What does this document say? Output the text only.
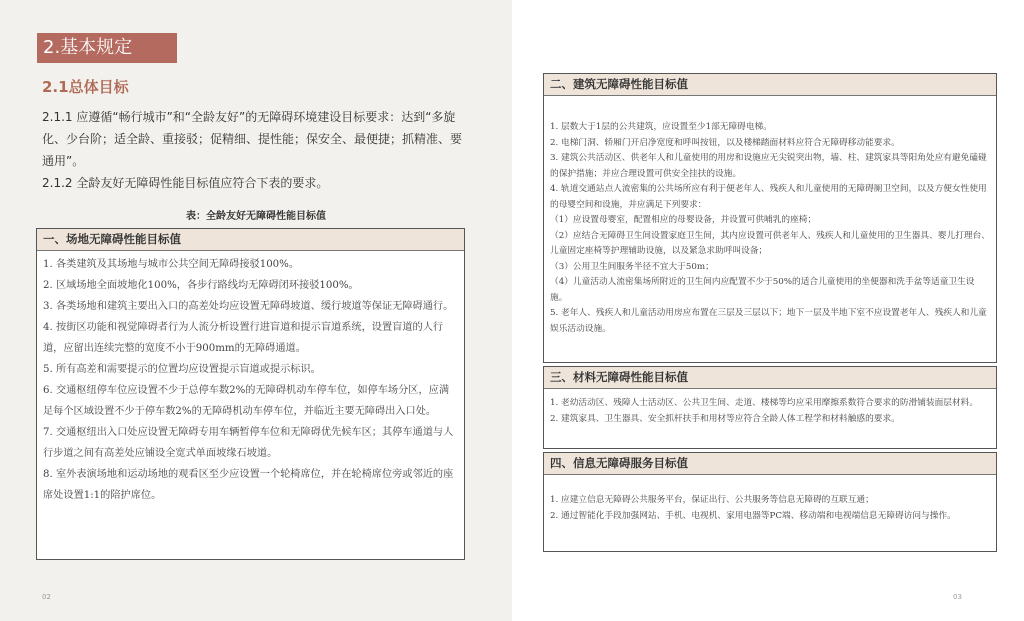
2.基本规定
2.1总体目标

2.1.1 应遵循“畅行城市”和“全龄友好”的无障碍环境建设目标要求：达到“多旋化、少台阶；适全龄、重接驳；促精细、提性能；保安全、最便捷；抓精准、要通用”。

2.1.2 全龄友好无障碍性能目标值应符合下表的要求。

表：全龄友好无障碍性能目标值
一、场地无障碍性能目标值

1. 各类建筑及其场地与城市公共空间无障碍接驳100%。

2. 区域场地全面坡地化100%，各步行路线均无障碍闭环接驳100%。

3. 各类场地和建筑主要出入口的高差处均应设置无障碍坡道、缓行坡道等保证无障碍通行。

4. 按街区功能和视觉障碍者行为人流分析设置行进盲道和提示盲道系统，设置盲道的人行道，应留出连续完整的宽度不小于900mm的无障碍通道。

5. 所有高差和需要提示的位置均应设置提示盲道或提示标识。

6. 交通枢纽停车位应设置不少于总停车数2%的无障碍机动车停车位，如停车场分区，应满足每个区域设置不少于停车数2%的无障碍机动车停车位，并临近主要无障碍出入口处。

7. 交通枢纽出入口处应设置无障碍专用车辆暂停车位和无障碍优先候车区；其停车通道与人行步道之间有高差处应铺设全宽式单面坡缘石坡道。

8. 室外表演场地和运动场地的观看区至少应设置一个轮椅席位，并在轮椅席位旁或邻近的座席处设置1:1的陪护席位。

02
二、建筑无障碍性能目标值

1. 层数大于1层的公共建筑，应设置至少1部无障碍电梯。

2. 电梯门洞、轿厢门开启净宽度和呼叫按钮，以及楼梯踏面材料应符合无障碍移动能要求。

3. 建筑公共活动区、供老年人和儿童使用的用房和设施应无尖锐突出物，墙、柱、建筑家具等阳角处应有避免磕碰的保护措施；并应合理设置可供安全挂扶的设施。

4. 轨道交通站点人流密集的公共场所应有利于便老年人、残疾人和儿童使用的无障碍厕卫空间，以及方便女性使用的母婴空间和设施，并应满足下列要求：

（1）应设置母婴室，配置相应的母婴设备，并设置可供哺乳的座椅；

（2）应结合无障碍卫生间设置家庭卫生间，其内应设置可供老年人、残疾人和儿童使用的卫生器具、婴儿打理台、儿童固定座椅等护理辅助设施，以及紧急求助呼叫设备；

（3）公用卫生间服务半径不宜大于50m；

（4）儿童活动人流密集场所附近的卫生间内应配置不少于50%的适合儿童使用的坐便器和洗手盆等适童卫生设施。

5. 老年人、残疾人和儿童活动用房应布置在三层及三层以下；地下一层及半地下室不应设置老年人、残疾人和儿童娱乐活动设施。

三、材料无障碍性能目标值

1. 老幼活动区、残障人士活动区、公共卫生间、走道、楼梯等均应采用摩擦系数符合要求的防滑铺装面层材料。

2. 建筑家具、卫生器具、安全抓杆扶手和用材等应符合全龄人体工程学和材料触感的要求。

四、信息无障碍服务目标值

1. 应建立信息无障碍公共服务平台，保证出行、公共服务等信息无障碍的互联互通；

2. 通过智能化手段加强网站、手机、电视机、家用电器等PC端、移动端和电视端信息无障碍访问与操作。

03
